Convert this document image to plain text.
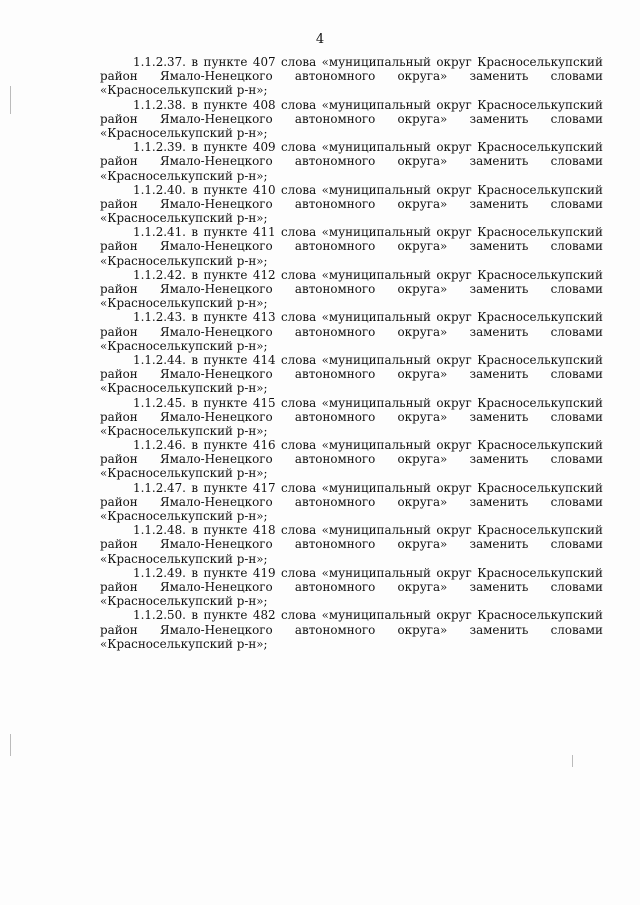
4
1.1.2.37. в пункте 407 слова «муниципальный округ Красноселькупский
район Ямало-Ненецкого автономного округа» заменить словами
«Красноселькупский р-н»;
1.1.2.38. в пункте 408 слова «муниципальный округ Красноселькупский
район Ямало-Ненецкого автономного округа» заменить словами
«Красноселькупский р-н»;
1.1.2.39. в пункте 409 слова «муниципальный округ Красноселькупский
район Ямало-Ненецкого автономного округа» заменить словами
«Красноселькупский р-н»;
1.1.2.40. в пункте 410 слова «муниципальный округ Красноселькупский
район Ямало-Ненецкого автономного округа» заменить словами
«Красноселькупский р-н»;
1.1.2.41. в пункте 411 слова «муниципальный округ Красноселькупский
район Ямало-Ненецкого автономного округа» заменить словами
«Красноселькупский р-н»;
1.1.2.42. в пункте 412 слова «муниципальный округ Красноселькупский
район Ямало-Ненецкого автономного округа» заменить словами
«Красноселькупский р-н»;
1.1.2.43. в пункте 413 слова «муниципальный округ Красноселькупский
район Ямало-Ненецкого автономного округа» заменить словами
«Красноселькупский р-н»;
1.1.2.44. в пункте 414 слова «муниципальный округ Красноселькупский
район Ямало-Ненецкого автономного округа» заменить словами
«Красноселькупский р-н»;
1.1.2.45. в пункте 415 слова «муниципальный округ Красноселькупский
район Ямало-Ненецкого автономного округа» заменить словами
«Красноселькупский р-н»;
1.1.2.46. в пункте 416 слова «муниципальный округ Красноселькупский
район Ямало-Ненецкого автономного округа» заменить словами
«Красноселькупский р-н»;
1.1.2.47. в пункте 417 слова «муниципальный округ Красноселькупский
район Ямало-Ненецкого автономного округа» заменить словами
«Красноселькупский р-н»;
1.1.2.48. в пункте 418 слова «муниципальный округ Красноселькупский
район Ямало-Ненецкого автономного округа» заменить словами
«Красноселькупский р-н»;
1.1.2.49. в пункте 419 слова «муниципальный округ Красноселькупский
район Ямало-Ненецкого автономного округа» заменить словами
«Красноселькупский р-н»;
1.1.2.50. в пункте 482 слова «муниципальный округ Красноселькупский
район Ямало-Ненецкого автономного округа» заменить словами
«Красноселькупский р-н»;
